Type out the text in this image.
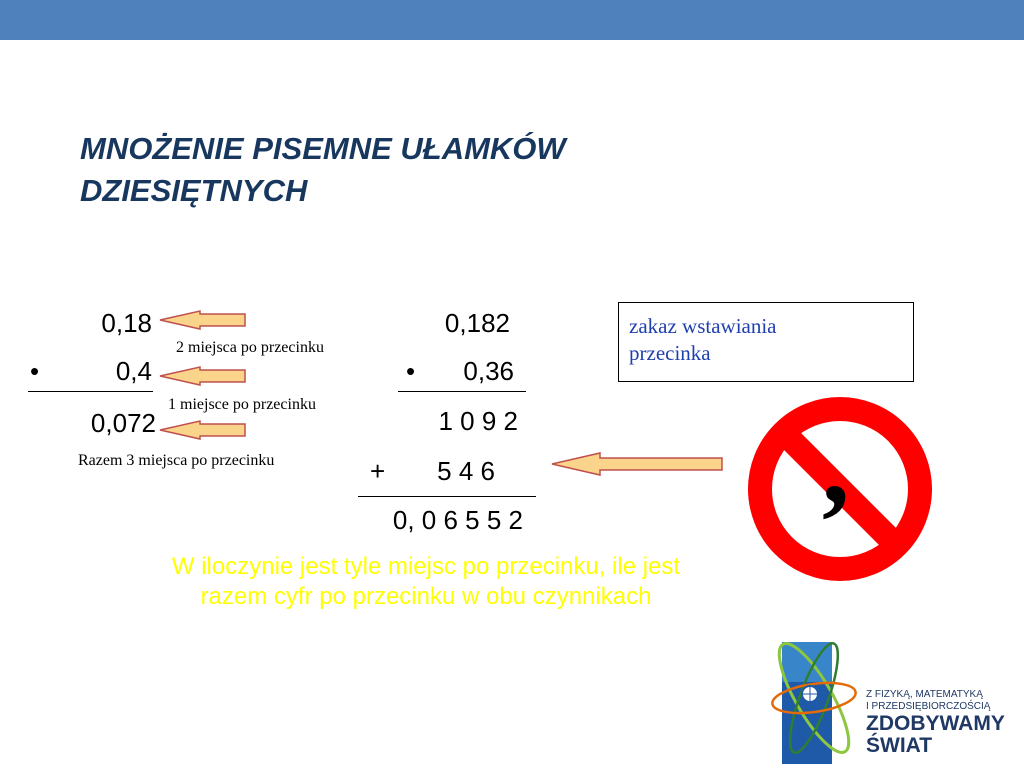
MNOŻENIE PISEMNE UŁAMKÓW
DZIESIĘTNYCH
0,18
•	0,4
0,072
2 miejsca po przecinku
1 miejsce po przecinku
Razem 3 miejsca po przecinku
0,182
•	0,36
1 0 9 2
+	5 4 6
0, 0 6 5 5 2
zakaz wstawiania
przecinka
,
W iloczynie jest tyle miejsc po przecinku, ile jest
razem cyfr po przecinku w obu czynnikach
Z FIZYKĄ, MATEMATYKĄ
I PRZEDSIĘBIORCZOŚCIĄ
ZDOBYWAMY
ŚWIAT
